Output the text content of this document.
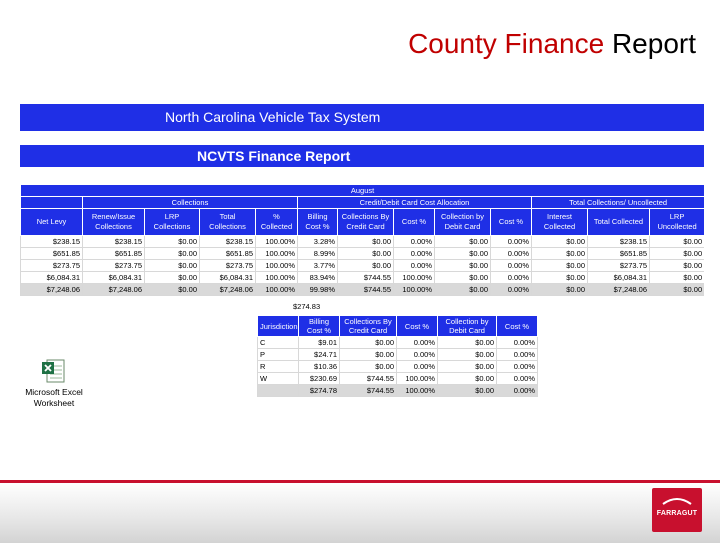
County Finance Report
North Carolina Vehicle Tax System
NCVTS Finance Report
August												
	Collections				Credit/Debit Card Cost Allocation					Total Collections/ Uncollected		
Net Levy	Renew/Issue Collections	LRP Collections	Total Collections	% Collected	Billing Cost %	Collections By Credit Card	Cost %	Collection by Debit Card	Cost %	Interest Collected	Total Collected	LRP Uncollected
$238.15	$238.15	$0.00	$238.15	100.00%	3.28%	$0.00	0.00%	$0.00	0.00%	$0.00	$238.15	$0.00
$651.85	$651.85	$0.00	$651.85	100.00%	8.99%	$0.00	0.00%	$0.00	0.00%	$0.00	$651.85	$0.00
$273.75	$273.75	$0.00	$273.75	100.00%	3.77%	$0.00	0.00%	$0.00	0.00%	$0.00	$273.75	$0.00
$6,084.31	$6,084.31	$0.00	$6,084.31	100.00%	83.94%	$744.55	100.00%	$0.00	0.00%	$0.00	$6,084.31	$0.00
$7,248.06	$7,248.06	$0.00	$7,248.06	100.00%	99.98%	$744.55	100.00%	$0.00	0.00%	$0.00	$7,248.06	$0.00
Jurisdiction	Billing Cost %	Collections By Credit Card	Cost %	Collection by Debit Card	Cost %
C	$9.01	$0.00	0.00%	$0.00	0.00%
P	$24.71	$0.00	0.00%	$0.00	0.00%
R	$10.36	$0.00	0.00%	$0.00	0.00%
W	$230.69	$744.55	100.00%	$0.00	0.00%
	$274.78	$744.55	100.00%	$0.00	0.00%
$274.83
Microsoft Excel
Worksheet
FARRAGUT
